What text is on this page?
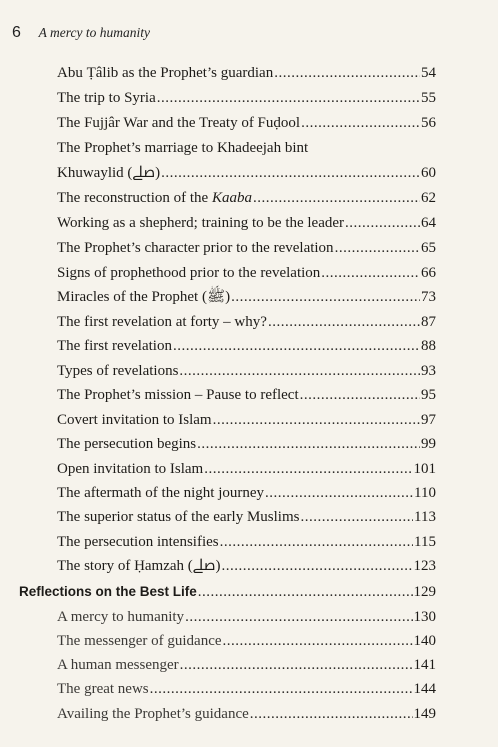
6 A mercy to humanity
Abu Ṭâlib as the Prophet’s guardian .....	54
The trip to Syria .....	55
The Fujjâr War and the Treaty of Fuḍool .....	56
The Prophet’s marriage to Khadeejah bint
Khuwaylid (ﷰ) .....	60
The reconstruction of the Kaaba .....	62
Working as a shepherd; training to be the leader .....	64
The Prophet’s character prior to the revelation .....	65
Signs of prophethood prior to the revelation .....	66
Miracles of the Prophet (ﷺ) .....	73
The first revelation at forty – why? .....	87
The first revelation .....	88
Types of revelations .....	93
The Prophet’s mission – Pause to reflect .....	95
Covert invitation to Islam .....	97
The persecution begins .....	99
Open invitation to Islam .....	101
The aftermath of the night journey .....	110
The superior status of the early Muslims .....	113
The persecution intensifies .....	115
The story of Ḥamzah (ﷰ) .....	123
Reflections on the Best Life .....	129
A mercy to humanity .....	130
The messenger of guidance .....	140
A human messenger .....	141
The great news .....	144
Availing the Prophet’s guidance .....	149
